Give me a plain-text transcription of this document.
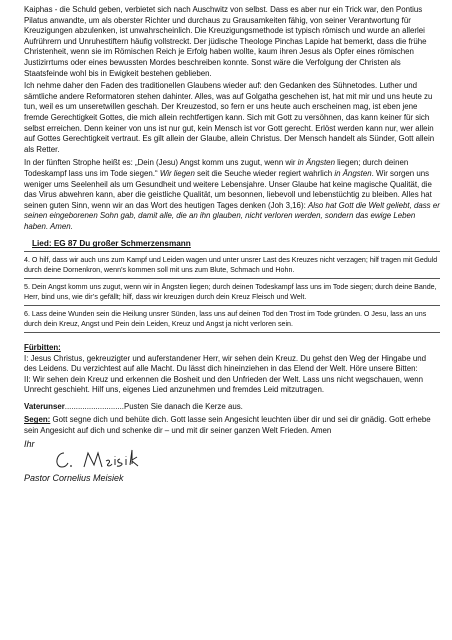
Kaiphas - die Schuld geben, verbietet sich nach Auschwitz von selbst. Dass es aber nur ein Trick war, den Pontius Pilatus anwandte, um als oberster Richter und durchaus zu Grausamkeiten fähig, von seiner Verantwortung für Kreuzigungen abzulenken, ist unwahrscheinlich. Die Kreuzigungsmethode ist typisch römisch und wurde an allerlei Aufrührern und Unruhestiftern häufig vollstreckt. Der jüdische Theologe Pinchas Lapide hat bemerkt, dass die frühe Christenheit, wenn sie im Römischen Reich je Erfolg haben wollte, kaum ihren Jesus als Opfer eines römischen Justizirrtums oder eines bewussten Mordes beschreiben konnte. Sonst wäre die Verfolgung der Christen als Staatsfeinde wohl bis in Ewigkeit bestehen geblieben.

Ich nehme daher den Faden des traditionellen Glaubens wieder auf: den Gedanken des Sühnetodes. Luther und sämtliche andere Reformatoren stehen dahinter. Alles, was auf Golgatha geschehen ist, hat mit mir und uns heute zu tun, weil es um unseretwillen geschah. Der Kreuzestod, so fern er uns heute auch erscheinen mag, ist eben jene fremde Gerechtigkeit Gottes, die mich allein rechtfertigen kann. Sich mit Gott zu versöhnen, das kann keiner für sich selbst erreichen. Denn keiner von uns ist nur gut, kein Mensch ist vor Gott gerecht. Erlöst werden kann nur, wer allein auf Gottes Gerechtigkeit vertraut. Es gilt allein der Glaube, allein Christus. Der Mensch handelt als Sünder, Gott allein als Retter.

In der fünften Strophe heißt es: „Dein (Jesu) Angst komm uns zugut, wenn wir in Ängsten liegen; durch deinen Todeskampf lass uns im Tode siegen.“ Wir liegen seit die Seuche wieder regiert wahrlich in Ängsten. Wir sorgen uns weniger ums Seelenheil als um Gesundheit und weitere Lebensjahre. Unser Glaube hat keine magische Qualität, die das Virus abwehren kann, aber die geistliche Qualität, um besonnen, liebevoll und lebenstüchtig zu bleiben. Alles hat seinen guten Sinn, wenn wir an das Wort des heutigen Tages denken (Joh 3,16): Also hat Gott die Welt geliebt, dass er seinen eingeborenen Sohn gab, damit alle, die an ihn glauben, nicht verloren werden, sondern das ewige Leben haben. Amen.

Lied: EG 87 Du großer Schmerzensmann

4. O hilf, dass wir auch uns zum Kampf und Leiden wagen und unter unsrer Last des Kreuzes nicht verzagen; hilf tragen mit Geduld durch deine Dornenkron, wenn’s kommen soll mit uns zum Blute, Schmach und Hohn.

5. Dein Angst komm uns zugut, wenn wir in Ängsten liegen; durch deinen Todeskampf lass uns im Tode siegen; durch deine Bande, Herr, bind uns, wie dir’s gefällt; hilf, dass wir kreuzigen durch dein Kreuz Fleisch und Welt.

6. Lass deine Wunden sein die Heilung unsrer Sünden, lass uns auf deinen Tod den Trost im Tode gründen. O Jesu, lass an uns durch dein Kreuz, Angst und Pein dein Leiden, Kreuz und Angst ja nicht verloren sein.

Fürbitten:

I: Jesus Christus, gekreuzigter und auferstandener Herr, wir sehen dein Kreuz. Du gehst den Weg der Hingabe und des Leidens. Du verzichtest auf alle Macht. Du lässt dich hineinziehen in das Elend der Welt. Höre unsere Bitten:

II: Wir sehen dein Kreuz und erkennen die Bosheit und den Unfrieden der Welt. Lass uns nicht wegschauen, wenn Unrecht geschieht. Hilf uns, eigenes Lied anzunehmen und fremdes Leid mitzutragen.

Vaterunser...........................Pusten Sie danach die Kerze aus.

Segen: Gott segne dich und behüte dich. Gott lasse sein Angesicht leuchten über dir und sei dir gnädig. Gott erhebe sein Angesicht auf dich und schenke dir – und mit dir seiner ganzen Welt Frieden. Amen

Ihr

Pastor Cornelius Meisiek
